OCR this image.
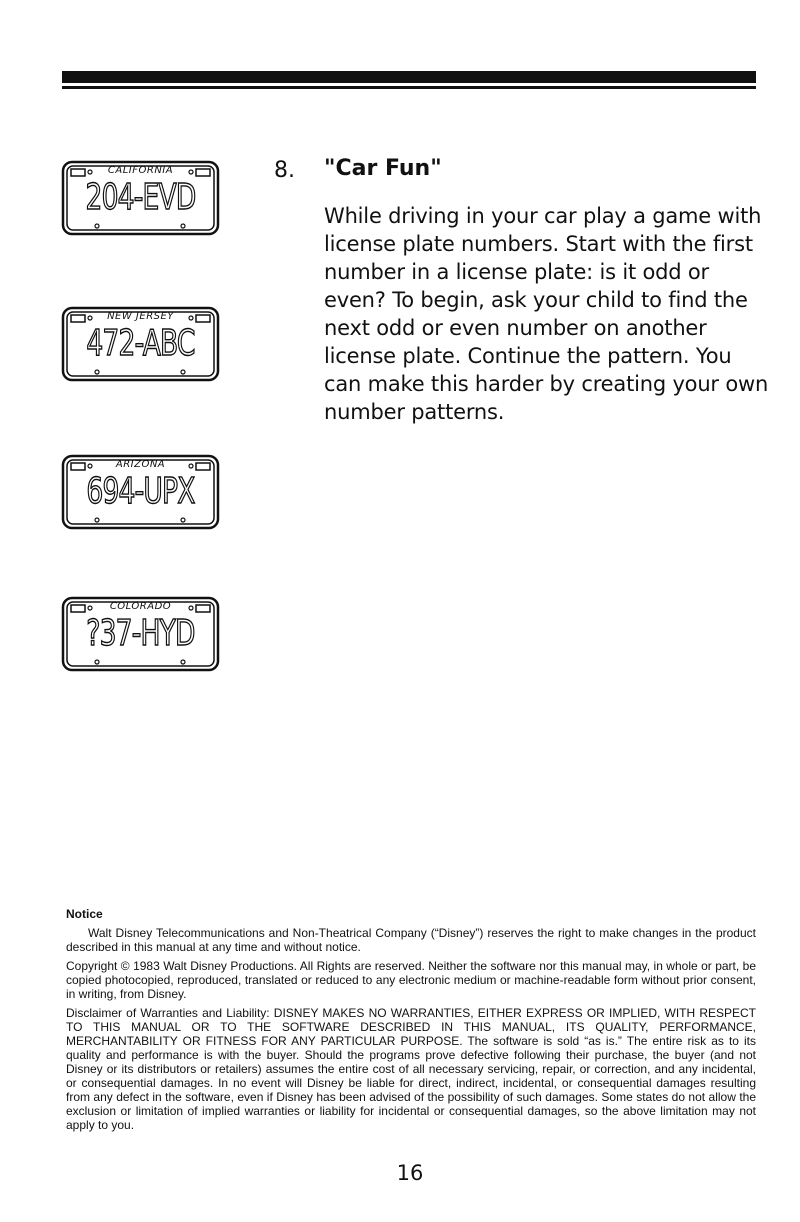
CALIFORNIA
204-EVD
NEW JERSEY
472-ABC
ARIZONA
694-UPX
COLORADO
?37-HYD
8. "Car Fun"
While driving in your car play a game with license plate numbers. Start with the first number in a license plate: is it odd or even? To begin, ask your child to find the next odd or even number on another license plate. Continue the pattern. You can make this harder by creating your own number patterns.

Notice

Walt Disney Telecommunications and Non-Theatrical Company (“Disney”) reserves the right to make changes in the product described in this manual at any time and without notice.

Copyright © 1983 Walt Disney Productions. All Rights are reserved. Neither the software nor this manual may, in whole or part, be copied photocopied, reproduced, translated or reduced to any electronic medium or machine-readable form without prior consent, in writing, from Disney.

Disclaimer of Warranties and Liability: DISNEY MAKES NO WARRANTIES, EITHER EXPRESS OR IMPLIED, WITH RESPECT TO THIS MANUAL OR TO THE SOFTWARE DESCRIBED IN THIS MANUAL, ITS QUALITY, PERFORMANCE, MERCHANTABILITY OR FITNESS FOR ANY PARTICULAR PURPOSE. The software is sold “as is.” The entire risk as to its quality and performance is with the buyer. Should the programs prove defective following their purchase, the buyer (and not Disney or its distributors or retailers) assumes the entire cost of all necessary servicing, repair, or correction, and any incidental, or consequential damages. In no event will Disney be liable for direct, indirect, incidental, or consequential damages resulting from any defect in the software, even if Disney has been advised of the possibility of such damages. Some states do not allow the exclusion or limitation of implied warranties or liability for incidental or consequential damages, so the above limitation may not apply to you.

16
